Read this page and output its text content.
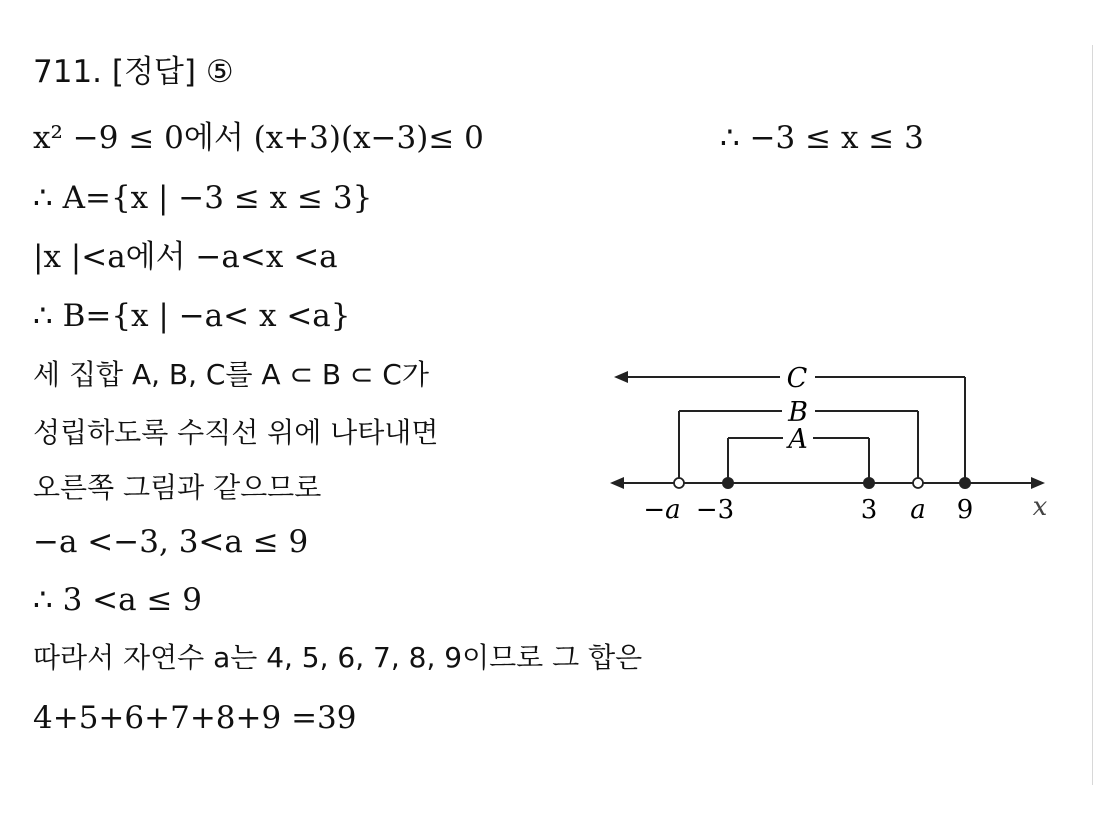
711. [정답] ⑤
x² −9 ≤ 0에서 (x+3)(x−3)≤ 0	∴ −3 ≤ x ≤ 3
∴ A={x | −3 ≤ x ≤ 3}
|x |<a에서 −a<x <a
∴ B={x | −a< x <a}
세 집합 A, B, C를 A ⊂ B ⊂ C가
성립하도록 수직선 위에 나타내면
오른쪽 그림과 같으므로
−a <−3, 3<a ≤ 9
∴ 3 <a ≤ 9
따라서 자연수 a는 4, 5, 6, 7, 8, 9이므로 그 합은
4+5+6+7+8+9 =39
C
B
A
−a −3	3 a 9 x
